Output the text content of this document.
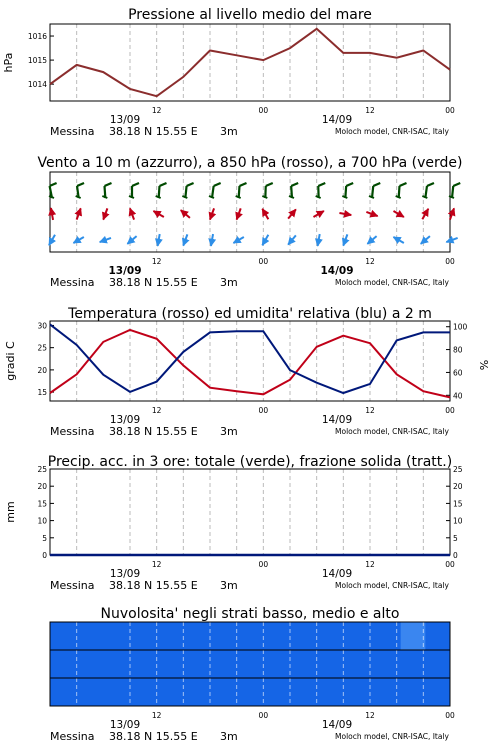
Pressione al livello medio del mare
12	00	12	00
13/09	14/09
Messina 38.18 N 15.55 E 3m	Moloch model, CNR-ISAC, Italy
Vento a 10 m (azzurro), a 850 hPa (rosso), a 700 hPa (verde)
12	00	12	00
13/09	14/09
Messina 38.18 N 15.55 E 3m	Moloch model, CNR-ISAC, Italy
Temperatura (rosso) ed umidita' relativa (blu) a 2 m
12	00	12	00
13/09	14/09
Messina 38.18 N 15.55 E 3m	Moloch model, CNR-ISAC, Italy
Precip. acc. in 3 ore: totale (verde), frazione solida (tratt.)
12	00	12	00
13/09	14/09
Messina 38.18 N 15.55 E 3m	Moloch model, CNR-ISAC, Italy
Nuvolosita' negli strati basso, medio e alto
12	00	12	00
13/09	14/09
Messina 38.18 N 15.55 E 3m	Moloch model, CNR-ISAC, Italy
hPa
1014
1015
1016
gradi C	%
15
20
25
30
40
60
80
100
mm
0	0
5	5
10	10
15	15
20	20
25	25
